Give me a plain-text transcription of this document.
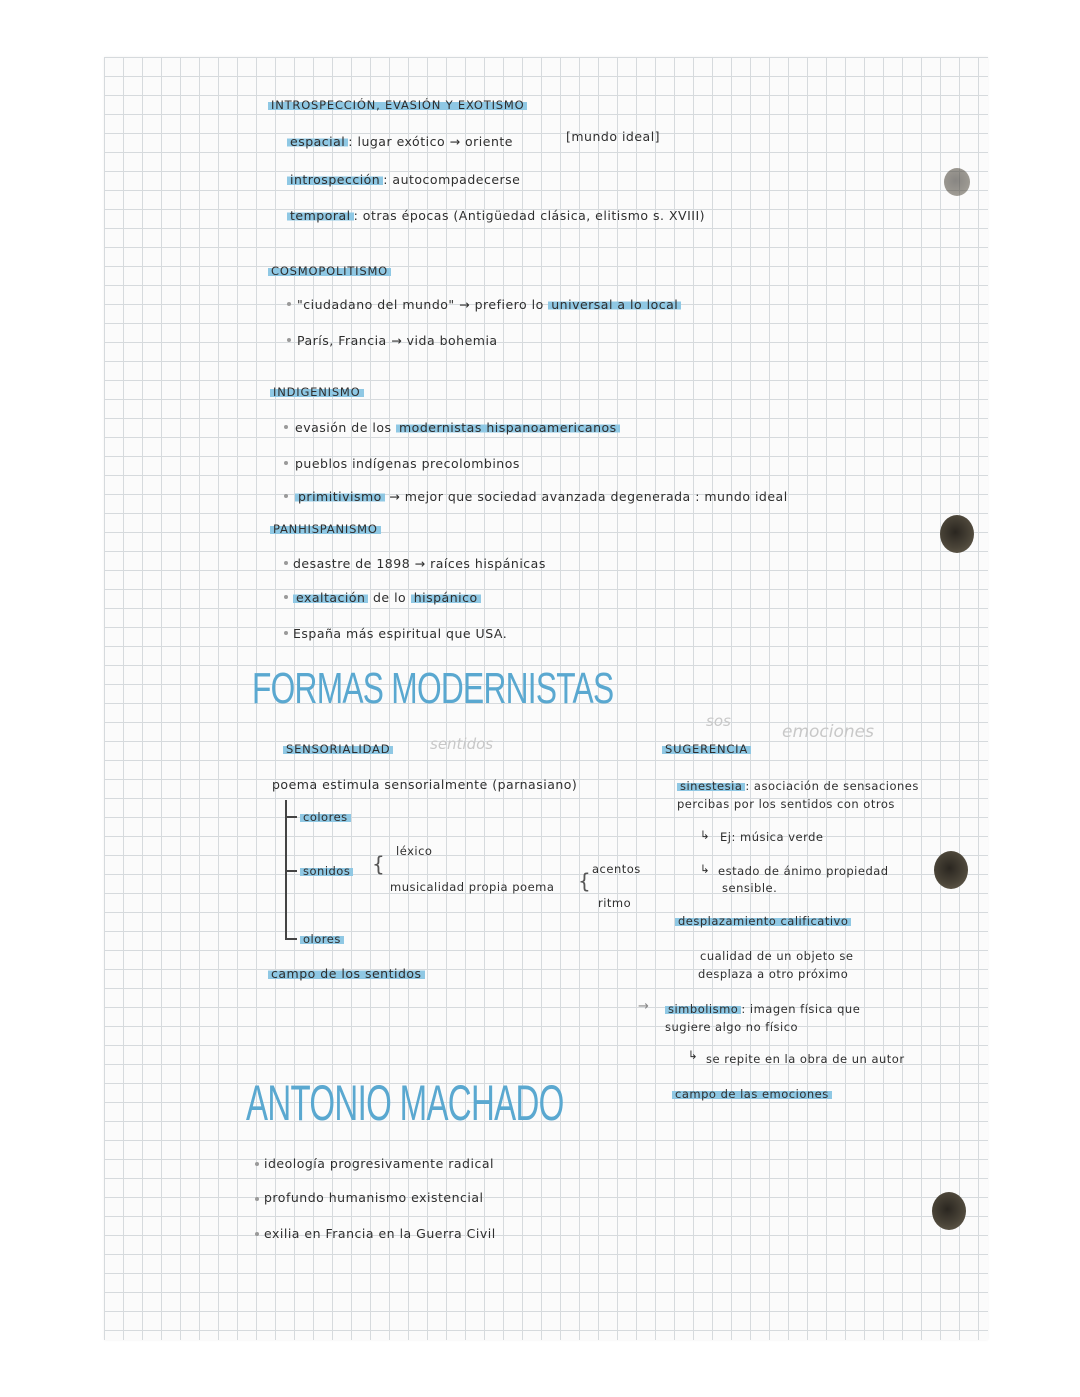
INTROSPECCIÓN, EVASIÓN Y EXOTISMO
espacial : lugar exótico → oriente	[mundo ideal]
introspección : autocompadecerse
temporal : otras épocas (Antigüedad clásica, elitismo s. XVIII)
COSMOPOLITISMO
"ciudadano del mundo" → prefiero lo universal a lo local
París, Francia → vida bohemia
INDIGENISMO
evasión de los modernistas hispanoamericanos
pueblos indígenas precolombinos
primitivismo → mejor que sociedad avanzada degenerada : mundo ideal
PANHISPANISMO
desastre de 1898 → raíces hispánicas
exaltación de lo hispánico
España más espiritual que USA.
FORMAS MODERNISTAS
SENSORIALIDAD	sentidos
poema estimula sensorialmente (parnasiano)
colores
sonidos {
léxico
musicalidad propia poema { acentos
ritmo
olores
campo de los sentidos
sos
emociones
SUGERENCIA
sinestesia : asociación de sensaciones
percibas por los sentidos con otros
↳ Ej: música verde
↳ estado de ánimo propiedad
sensible.
desplazamiento calificativo
cualidad de un objeto se
desplaza a otro próximo
→ simbolismo : imagen física que
sugiere algo no físico
↳ se repite en la obra de un autor
campo de las emociones
ANTONIO MACHADO
ideología progresivamente radical
profundo humanismo existencial
exilia en Francia en la Guerra Civil
